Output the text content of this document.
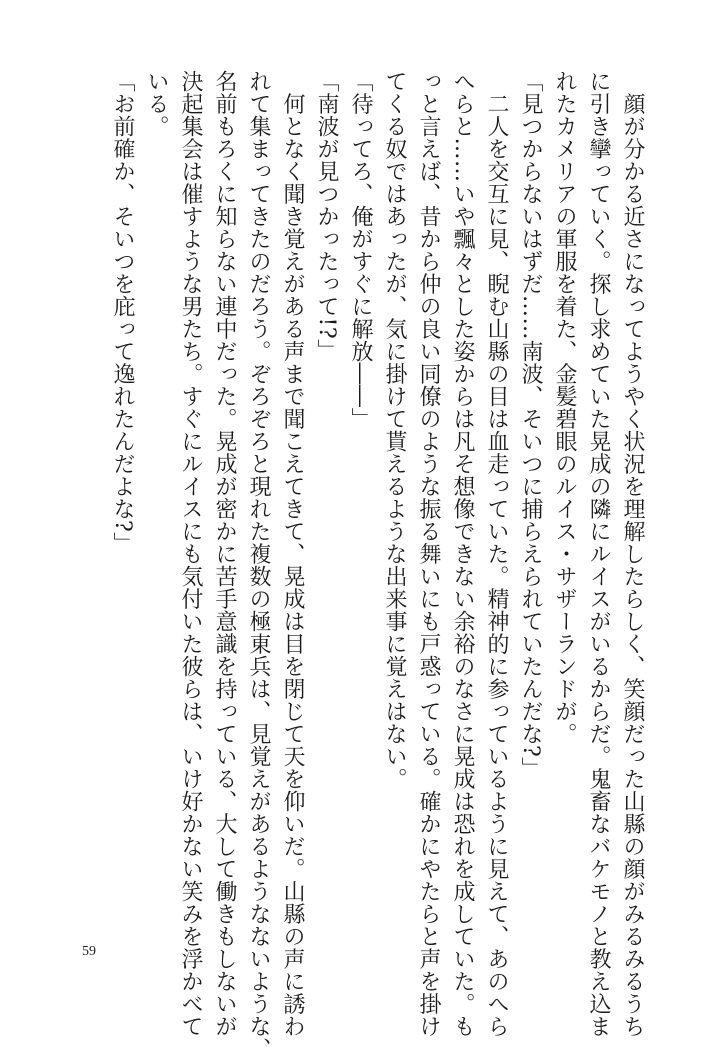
　顔が分かる近さになってようやく状況を理解したらしく、笑顔だった山縣の顔がみるみるうち

に引き攣っていく。探し求めていた晃成の隣にルイスがいるからだ。鬼畜なバケモノと教え込ま

れたカメリアの軍服を着た、金髪碧眼のルイス・サザーランドが。

「見つからないはずだ……南波、そいつに捕らえられていたんだな?」

　二人を交互に見、睨む山縣の目は血走っていた。精神的に参っているように見えて、あのへら

へらと……いや飄々とした姿からは凡そ想像できない余裕のなさに晃成は恐れを成していた。も

っと言えば、昔から仲の良い同僚のような振る舞いにも戸惑っている。確かにやたらと声を掛け

てくる奴ではあったが、気に掛けて貰えるような出来事に覚えはない。

「待ってろ、俺がすぐに解放――」

「南波が見つかったって!?」

　何となく聞き覚えがある声まで聞こえてきて、晃成は目を閉じて天を仰いだ。山縣の声に誘わ

れて集まってきたのだろう。ぞろぞろと現れた複数の極東兵は、見覚えがあるようなないような、

名前もろくに知らない連中だった。晃成が密かに苦手意識を持っている、大して働きもしないが

決起集会は催すような男たち。すぐにルイスにも気付いた彼らは、いけ好かない笑みを浮かべて

いる。

「お前確か、そいつを庇って逸れたんだよな?」

59
